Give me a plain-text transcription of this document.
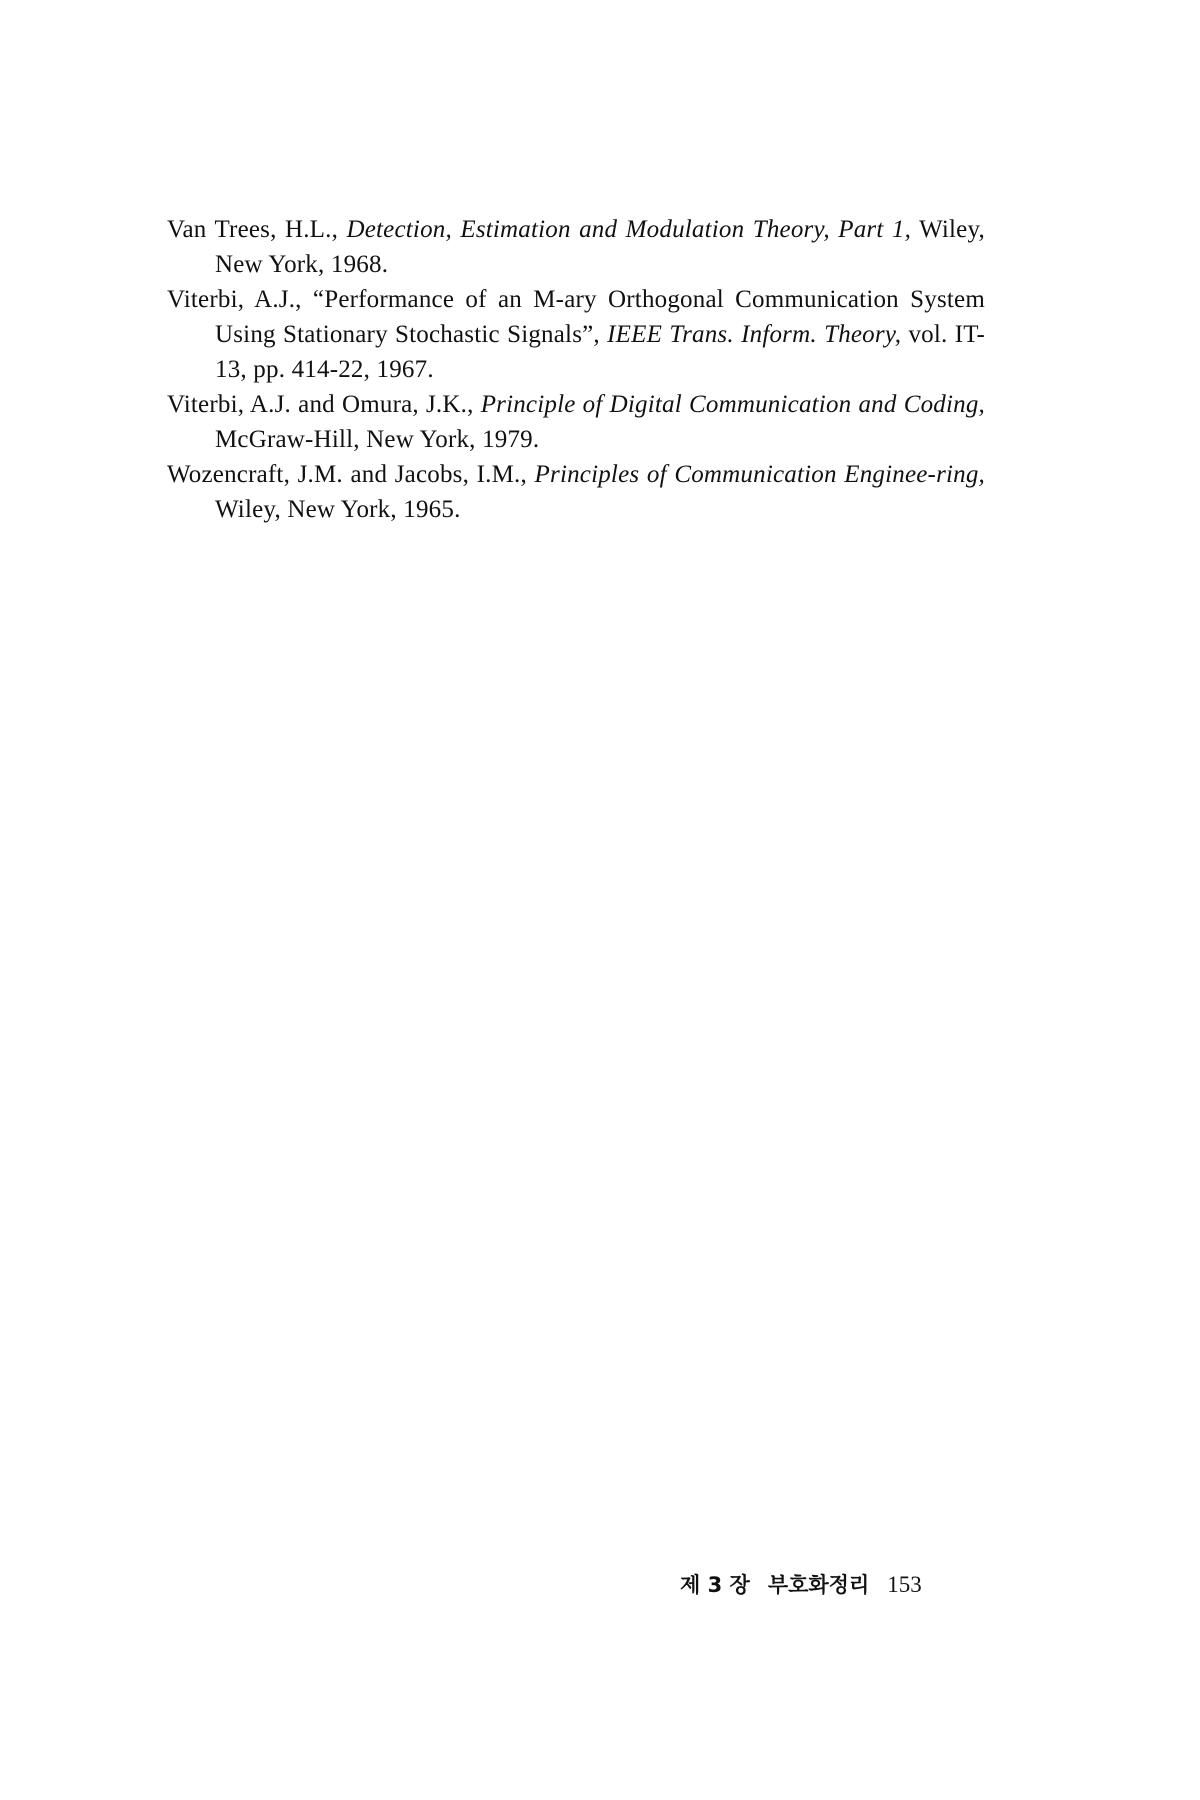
Van Trees, H.L., Detection, Estimation and Modulation Theory, Part 1, Wiley, New York, 1968.

Viterbi, A.J., “Performance of an M-ary Orthogonal Communication System Using Stationary Stochastic Signals”, IEEE Trans. Inform. Theory, vol. IT-13, pp. 414-22, 1967.

Viterbi, A.J. and Omura, J.K., Principle of Digital Communication and Coding, McGraw-Hill, New York, 1979.

Wozencraft, J.M. and Jacobs, I.M., Principles of Communication Enginee-ring, Wiley, New York, 1965.

제 3 장 부호화정리 153
